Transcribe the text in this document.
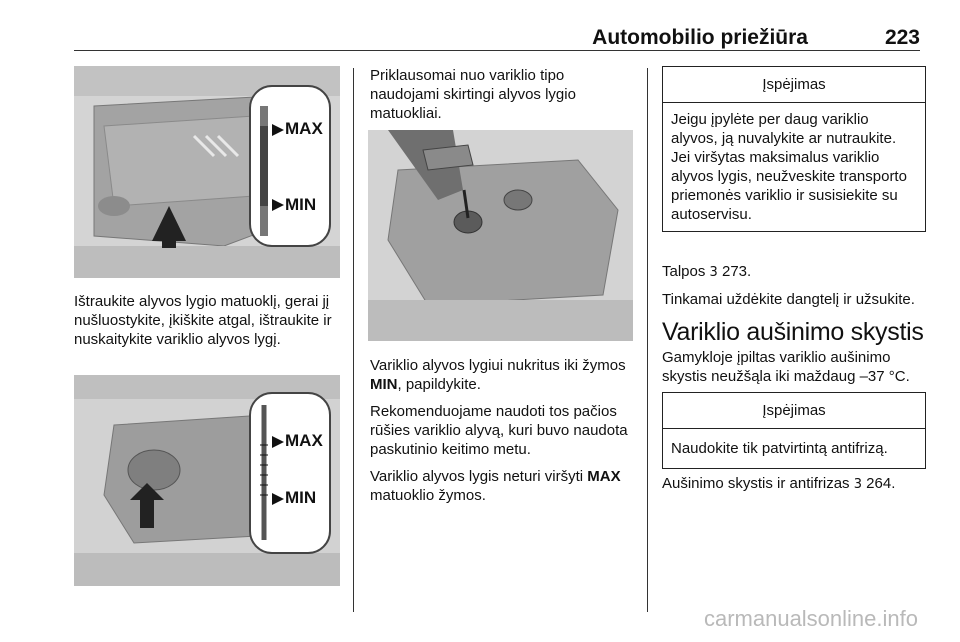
Automobilio priežiūra	223
MAX
MIN

Ištraukite alyvos lygio matuoklį, gerai jį nušluostykite, įkiškite atgal, ištraukite ir nuskaitykite variklio alyvos lygį.

MAX
MIN

Priklausomai nuo variklio tipo naudojami skirtingi alyvos lygio matuokliai.

Variklio alyvos lygiui nukritus iki žymos MIN, papildykite.

Rekomenduojame naudoti tos pačios rūšies variklio alyvą, kuri buvo naudota paskutinio keitimo metu.

Variklio alyvos lygis neturi viršyti MAX matuoklio žymos.

Įspėjimas
Jeigu įpylėte per daug variklio alyvos, ją nuvalykite ar nutraukite. Jei viršytas maksimalus variklio alyvos lygis, neužveskite transporto priemonės variklio ir susisiekite su autoservisu.

Talpos 3 273.

Tinkamai uždėkite dangtelį ir užsukite.

Variklio aušinimo skystis

Gamykloje įpiltas variklio aušinimo skystis neužšąla iki maždaug –37 °C.

Įspėjimas
Naudokite tik patvirtintą antifrizą.

Aušinimo skystis ir antifrizas 3 264.

carmanualsonline.info
